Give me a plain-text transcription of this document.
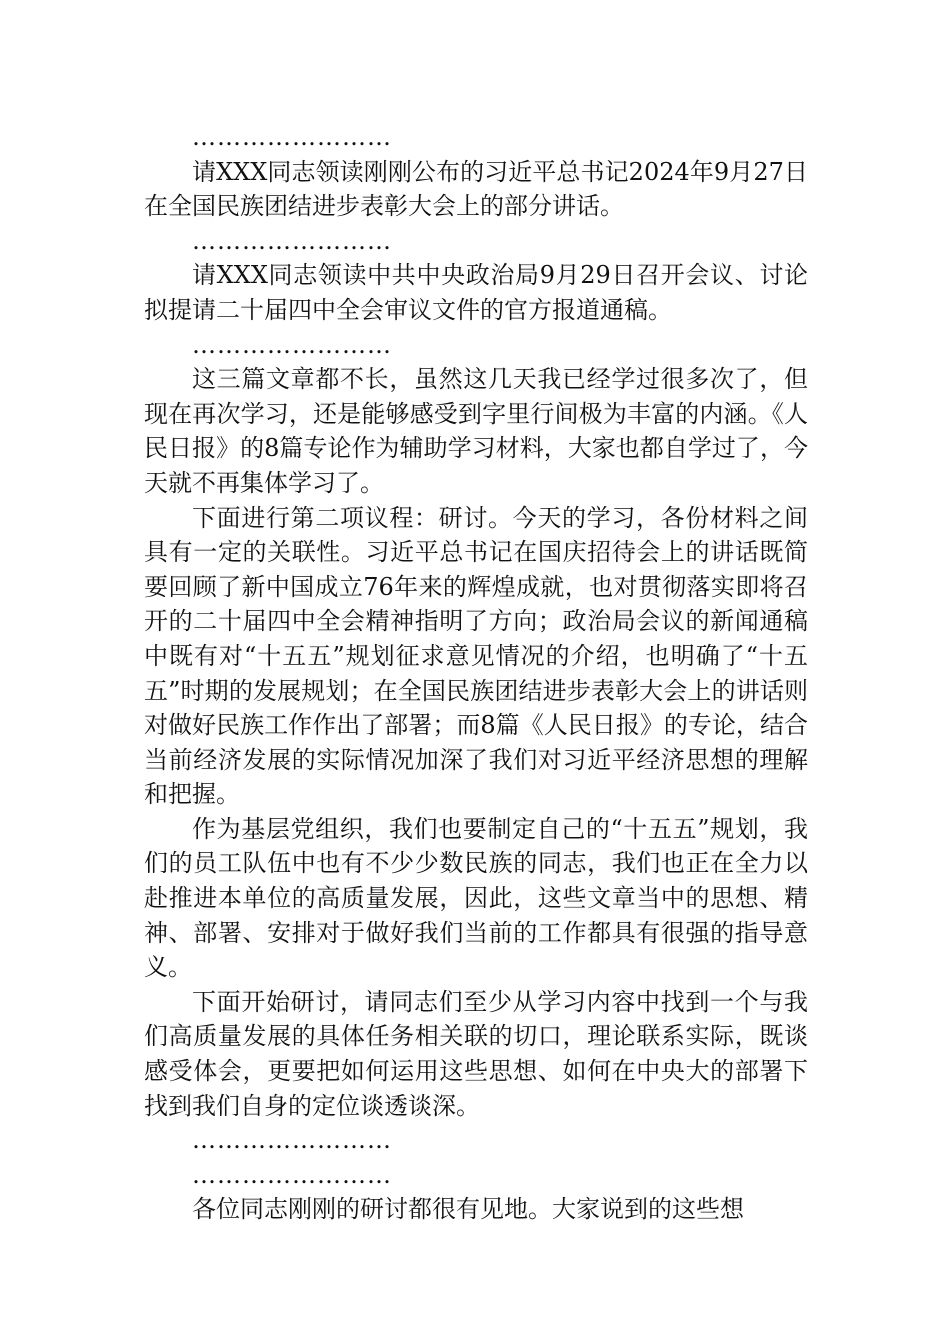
……………………

请XXX同志领读刚刚公布的习近平总书记2024年9月27日在全国民族团结进步表彰大会上的部分讲话。

……………………

请XXX同志领读中共中央政治局9月29日召开会议、讨论拟提请二十届四中全会审议文件的官方报道通稿。

……………………

这三篇文章都不长，虽然这几天我已经学过很多次了，但现在再次学习，还是能够感受到字里行间极为丰富的内涵。《人民日报》的8篇专论作为辅助学习材料，大家也都自学过了，今天就不再集体学习了。

下面进行第二项议程：研讨。今天的学习，各份材料之间具有一定的关联性。习近平总书记在国庆招待会上的讲话既简要回顾了新中国成立76年来的辉煌成就，也对贯彻落实即将召开的二十届四中全会精神指明了方向；政治局会议的新闻通稿中既有对“十五五”规划征求意见情况的介绍，也明确了“十五五”时期的发展规划；在全国民族团结进步表彰大会上的讲话则对做好民族工作作出了部署；而8篇《人民日报》的专论，结合当前经济发展的实际情况加深了我们对习近平经济思想的理解和把握。

作为基层党组织，我们也要制定自己的“十五五”规划，我们的员工队伍中也有不少少数民族的同志，我们也正在全力以赴推进本单位的高质量发展，因此，这些文章当中的思想、精神、部署、安排对于做好我们当前的工作都具有很强的指导意义。

下面开始研讨，请同志们至少从学习内容中找到一个与我们高质量发展的具体任务相关联的切口，理论联系实际，既谈感受体会，更要把如何运用这些思想、如何在中央大的部署下找到我们自身的定位谈透谈深。

……………………

……………………

各位同志刚刚的研讨都很有见地。大家说到的这些想
